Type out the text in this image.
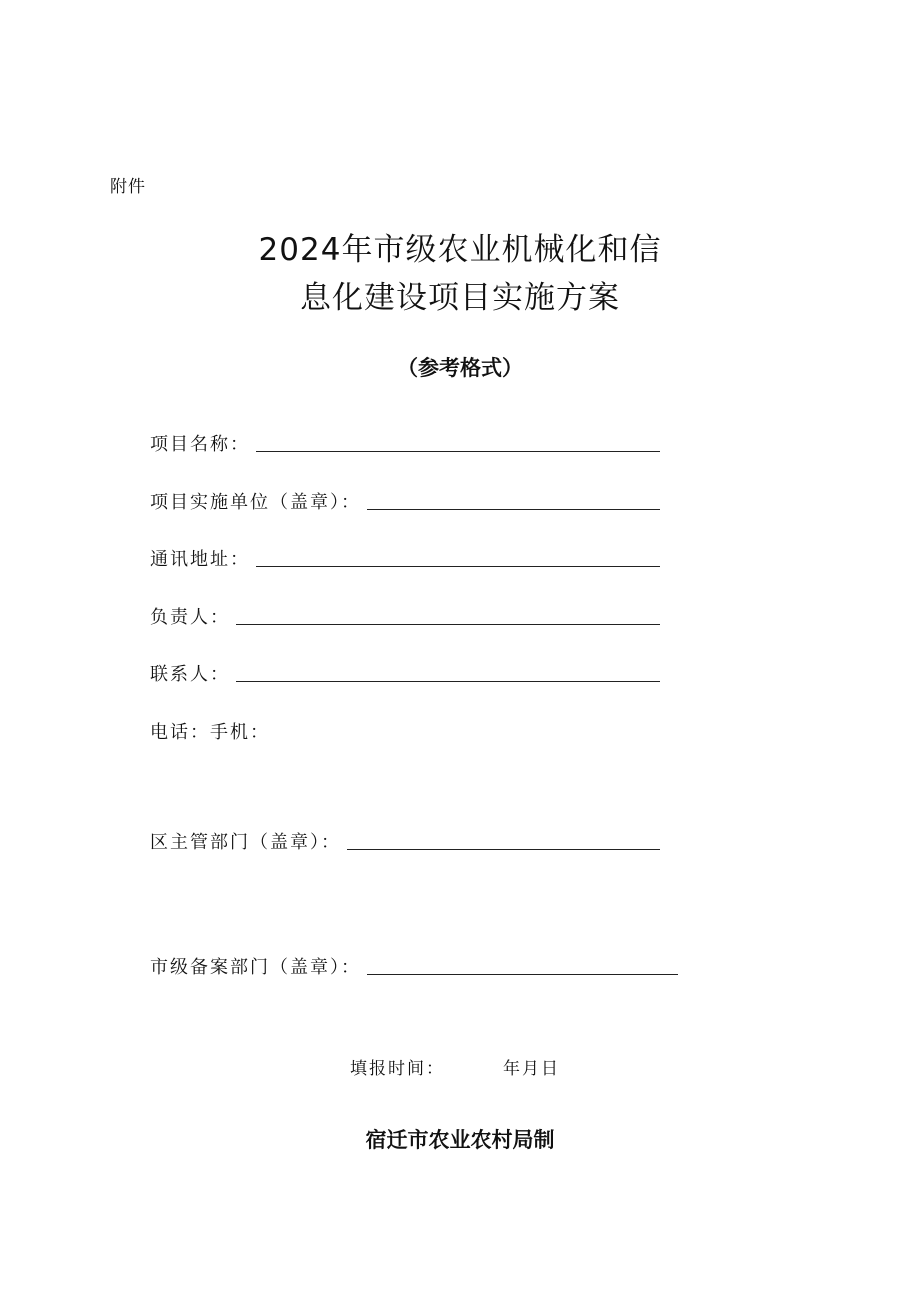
附件
2024年市级农业机械化和信
息化建设项目实施方案
（参考格式）
项目名称：
项目实施单位（盖章）：
通讯地址：
负责人：
联系人：
电话：手机：
区主管部门（盖章）：
市级备案部门（盖章）：
填报时间：	年月日
宿迁市农业农村局制
